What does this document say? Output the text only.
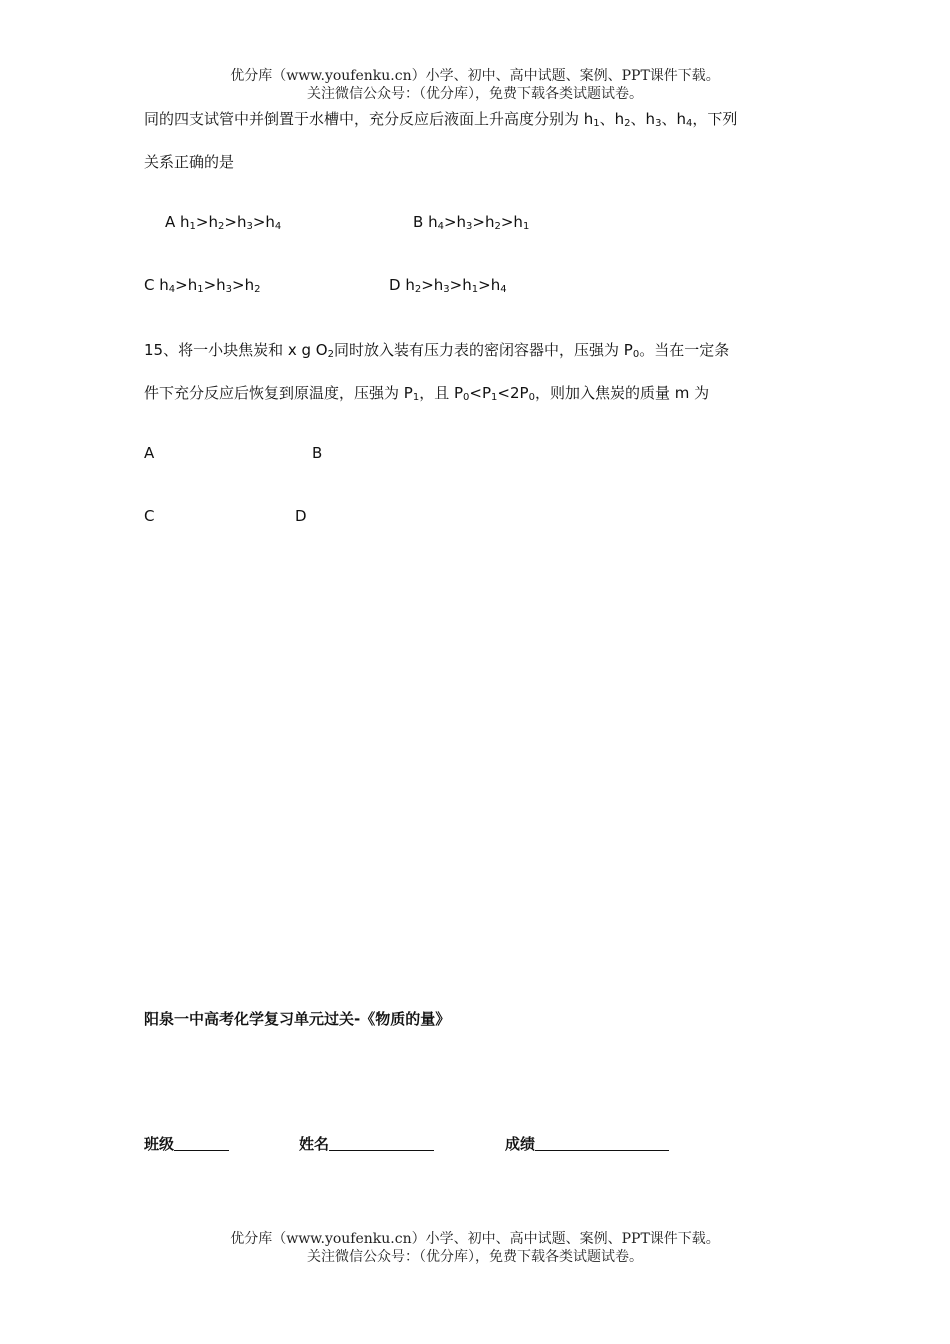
优分库（www.youfenku.cn）小学、初中、高中试题、案例、PPT课件下载。
关注微信公众号：（优分库），免费下载各类试题试卷。
同的四支试管中并倒置于水槽中，充分反应后液面上升高度分别为 $h_1$、$h_2$、$h_3$、$h_4$，下列
关系正确的是
A $h_1>h_2>h_3>h_4$	B $h_4>h_3>h_2>h_1$
C $h_4>h_1>h_3>h_2$	D $h_2>h_3>h_1>h_4$
15、将一小块焦炭和 x g $O_2$同时放入装有压力表的密闭容器中，压强为 $P_0$。当在一定条
件下充分反应后恢复到原温度，压强为 $P_1$，且 $P_0<P_1<2P_0$，则加入焦炭的质量 m 为
A	B
C	D
阳泉一中高考化学复习单元过关-《物质的量》
班级	姓名	成绩
优分库（www.youfenku.cn）小学、初中、高中试题、案例、PPT课件下载。
关注微信公众号：（优分库），免费下载各类试题试卷。
